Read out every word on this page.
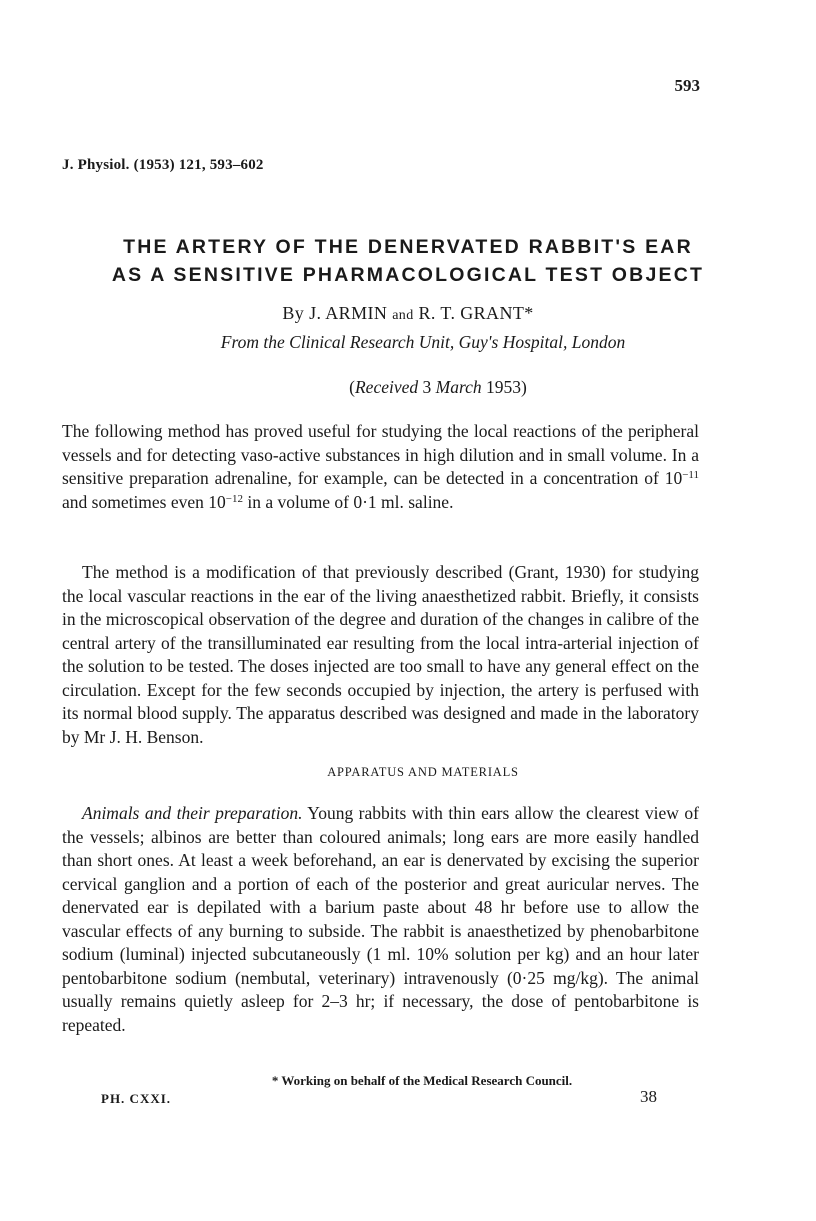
593
J. Physiol. (1953) 121, 593–602
THE ARTERY OF THE DENERVATED RABBIT'S EAR
AS A SENSITIVE PHARMACOLOGICAL TEST OBJECT
By J. ARMIN and R. T. GRANT*
From the Clinical Research Unit, Guy's Hospital, London
(Received 3 March 1953)
The following method has proved useful for studying the local reactions of the peripheral vessels and for detecting vaso-active substances in high dilution and in small volume. In a sensitive preparation adrenaline, for example, can be detected in a concentration of $10^{-11}$ and sometimes even $10^{-12}$ in a volume of 0·1 ml. saline.
The method is a modification of that previously described (Grant, 1930) for studying the local vascular reactions in the ear of the living anaesthetized rabbit. Briefly, it consists in the microscopical observation of the degree and duration of the changes in calibre of the central artery of the transilluminated ear resulting from the local intra-arterial injection of the solution to be tested. The doses injected are too small to have any general effect on the circulation. Except for the few seconds occupied by injection, the artery is perfused with its normal blood supply. The apparatus described was designed and made in the laboratory by Mr J. H. Benson.
APPARATUS AND MATERIALS
Animals and their preparation. Young rabbits with thin ears allow the clearest view of the vessels; albinos are better than coloured animals; long ears are more easily handled than short ones. At least a week beforehand, an ear is denervated by excising the superior cervical ganglion and a portion of each of the posterior and great auricular nerves. The denervated ear is depilated with a barium paste about 48 hr before use to allow the vascular effects of any burning to subside. The rabbit is anaesthetized by phenobarbitone sodium (luminal) injected subcutaneously (1 ml. 10% solution per kg) and an hour later pentobarbitone sodium (nembutal, veterinary) intravenously (0·25 mg/kg). The animal usually remains quietly asleep for 2–3 hr; if necessary, the dose of pentobarbitone is repeated.
* Working on behalf of the Medical Research Council.
PH. CXXI.	38
